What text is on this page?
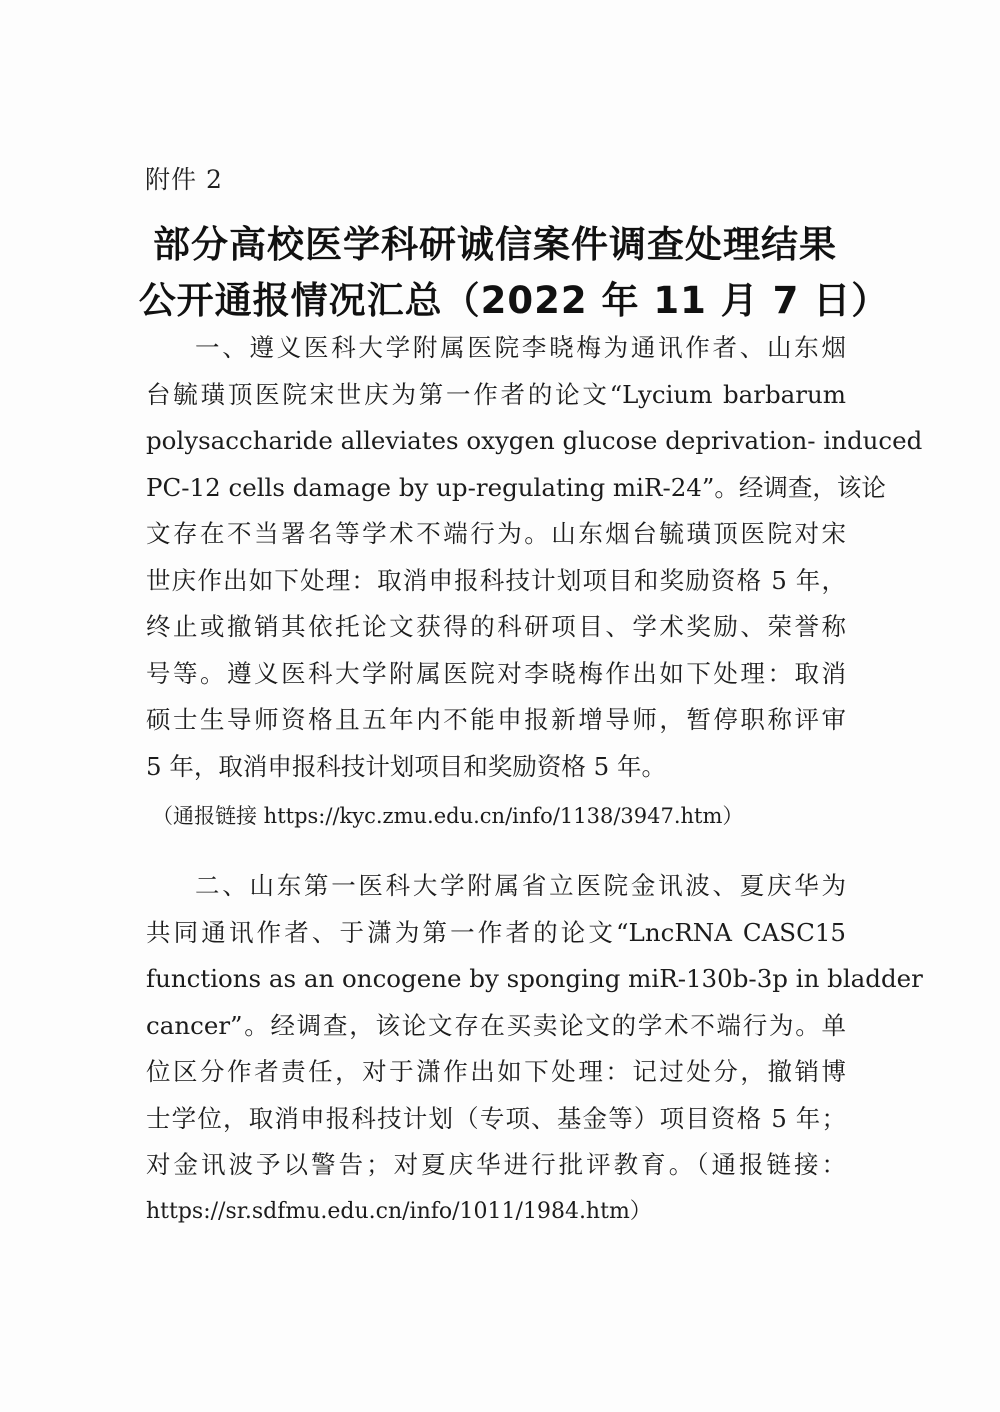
附件 2
部分高校医学科研诚信案件调查处理结果
公开通报情况汇总（2022 年 11 月 7 日）
一、遵义医科大学附属医院李晓梅为通讯作者、山东烟
台毓璜顶医院宋世庆为第一作者的论文“Lycium barbarum
polysaccharide alleviates oxygen glucose deprivation- induced
PC-12 cells damage by up-regulating miR-24”。经调查，该论
文存在不当署名等学术不端行为。山东烟台毓璜顶医院对宋
世庆作出如下处理：取消申报科技计划项目和奖励资格 5 年，
终止或撤销其依托论文获得的科研项目、学术奖励、荣誉称
号等。遵义医科大学附属医院对李晓梅作出如下处理：取消
硕士生导师资格且五年内不能申报新增导师，暂停职称评审
5 年，取消申报科技计划项目和奖励资格 5 年。
（通报链接 https://kyc.zmu.edu.cn/info/1138/3947.htm）
二、山东第一医科大学附属省立医院金讯波、夏庆华为
共同通讯作者、于潇为第一作者的论文“LncRNA CASC15
functions as an oncogene by sponging miR-130b-3p in bladder
cancer”。经调查，该论文存在买卖论文的学术不端行为。单
位区分作者责任，对于潇作出如下处理：记过处分，撤销博
士学位，取消申报科技计划（专项、基金等）项目资格 5 年；
对金讯波予以警告；对夏庆华进行批评教育。（通报链接：
https://sr.sdfmu.edu.cn/info/1011/1984.htm）
